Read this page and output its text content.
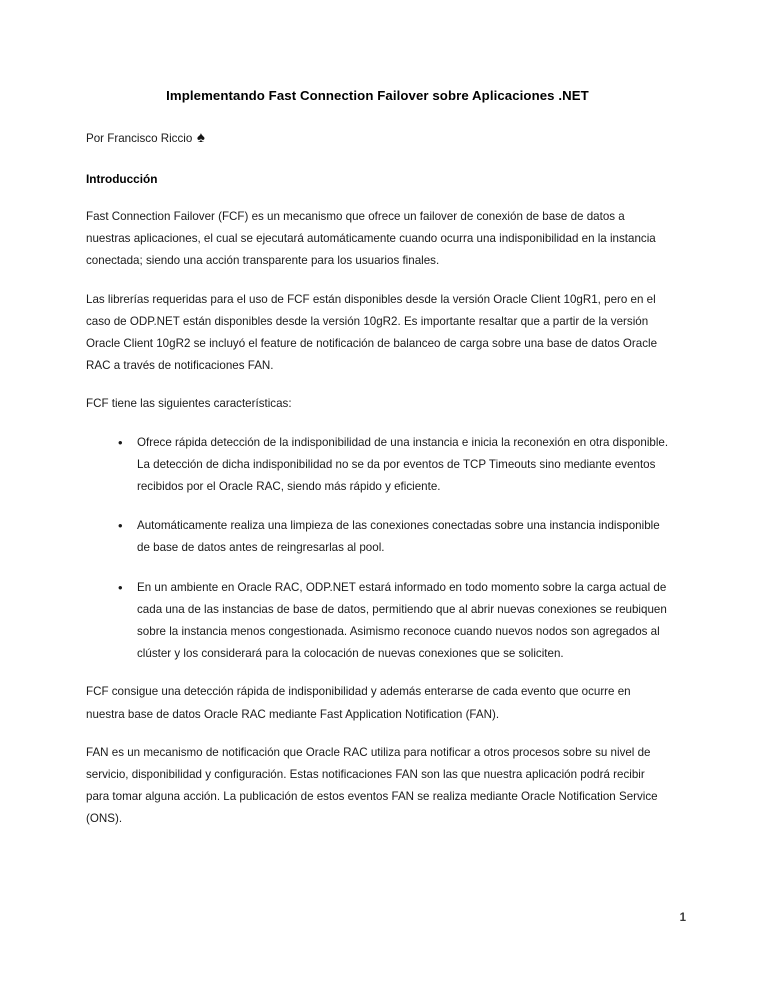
Implementando Fast Connection Failover sobre Aplicaciones .NET
Por Francisco Riccio ♠
Introducción

Fast Connection Failover (FCF) es un mecanismo que ofrece un failover de conexión de base de datos a nuestras aplicaciones, el cual se ejecutará automáticamente cuando ocurra una indisponibilidad en la instancia conectada; siendo una acción transparente para los usuarios finales.

Las librerías requeridas para el uso de FCF están disponibles desde la versión Oracle Client 10gR1, pero en el caso de ODP.NET están disponibles desde la versión 10gR2. Es importante resaltar que a partir de la versión Oracle Client 10gR2 se incluyó el feature de notificación de balanceo de carga sobre una base de datos Oracle RAC a través de notificaciones FAN.

FCF tiene las siguientes características:

• Ofrece rápida detección de la indisponibilidad de una instancia e inicia la reconexión en otra disponible. La detección de dicha indisponibilidad no se da por eventos de TCP Timeouts sino mediante eventos recibidos por el Oracle RAC, siendo más rápido y eficiente.
• Automáticamente realiza una limpieza de las conexiones conectadas sobre una instancia indisponible de base de datos antes de reingresarlas al pool.
• En un ambiente en Oracle RAC, ODP.NET estará informado en todo momento sobre la carga actual de cada una de las instancias de base de datos, permitiendo que al abrir nuevas conexiones se reubiquen sobre la instancia menos congestionada. Asimismo reconoce cuando nuevos nodos son agregados al clúster y los considerará para la colocación de nuevas conexiones que se soliciten.

FCF consigue una detección rápida de indisponibilidad y además enterarse de cada evento que ocurre en nuestra base de datos Oracle RAC mediante Fast Application Notification (FAN).

FAN es un mecanismo de notificación que Oracle RAC utiliza para notificar a otros procesos sobre su nivel de servicio, disponibilidad y configuración. Estas notificaciones FAN son las que nuestra aplicación podrá recibir para tomar alguna acción. La publicación de estos eventos FAN se realiza mediante Oracle Notification Service (ONS).

1
